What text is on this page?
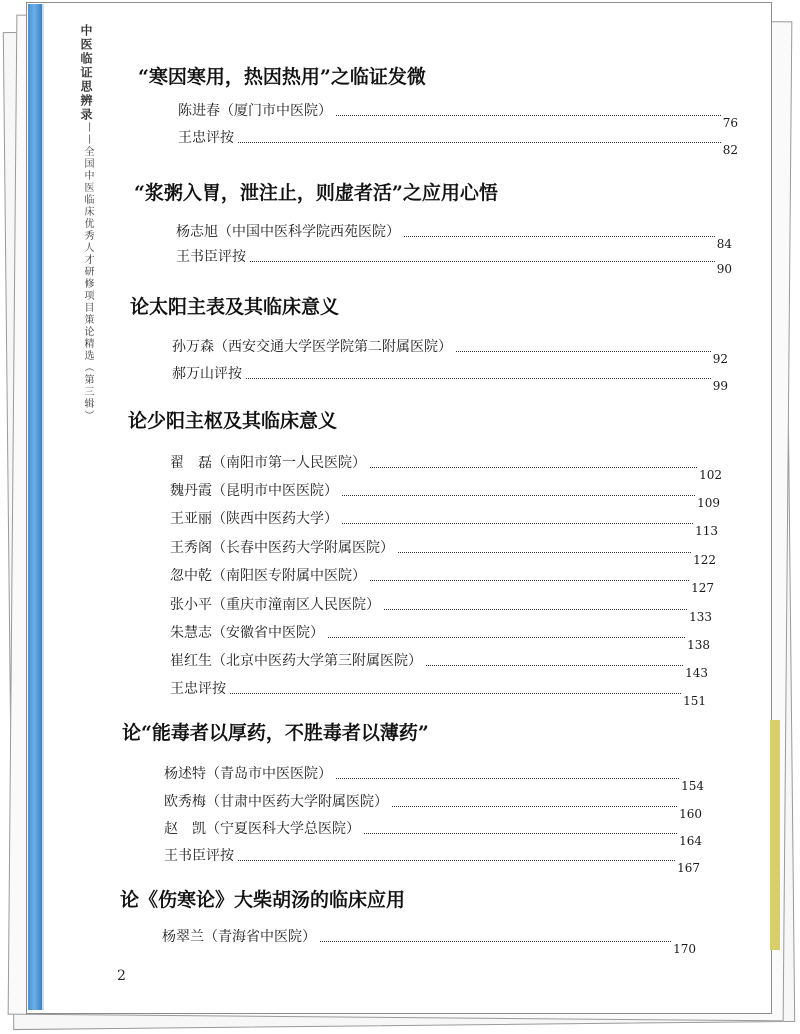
中医临证思辨录
——
全国中医临床优秀人才研修项目策论精选（第三辑）
“寒因寒用，热因热用”之临证发微
陈进春（厦门市中医院）
76
王忠评按
82
“浆粥入胃，泄注止，则虚者活”之应用心悟
杨志旭（中国中医科学院西苑医院）
84
王书臣评按
90
论太阳主表及其临床意义
孙万森（西安交通大学医学院第二附属医院）
92
郝万山评按
99
论少阳主枢及其临床意义
翟　磊（南阳市第一人民医院）
102
魏丹霞（昆明市中医医院）
109
王亚丽（陕西中医药大学）
113
王秀阁（长春中医药大学附属医院）
122
忽中乾（南阳医专附属中医院）
127
张小平（重庆市潼南区人民医院）
133
朱慧志（安徽省中医院）
138
崔红生（北京中医药大学第三附属医院）
143
王忠评按
151
论“能毒者以厚药，不胜毒者以薄药”
杨述特（青岛市中医医院）
154
欧秀梅（甘肃中医药大学附属医院）
160
赵　凯（宁夏医科大学总医院）
164
王书臣评按
167
论《伤寒论》大柴胡汤的临床应用
杨翠兰（青海省中医院）
170
2
